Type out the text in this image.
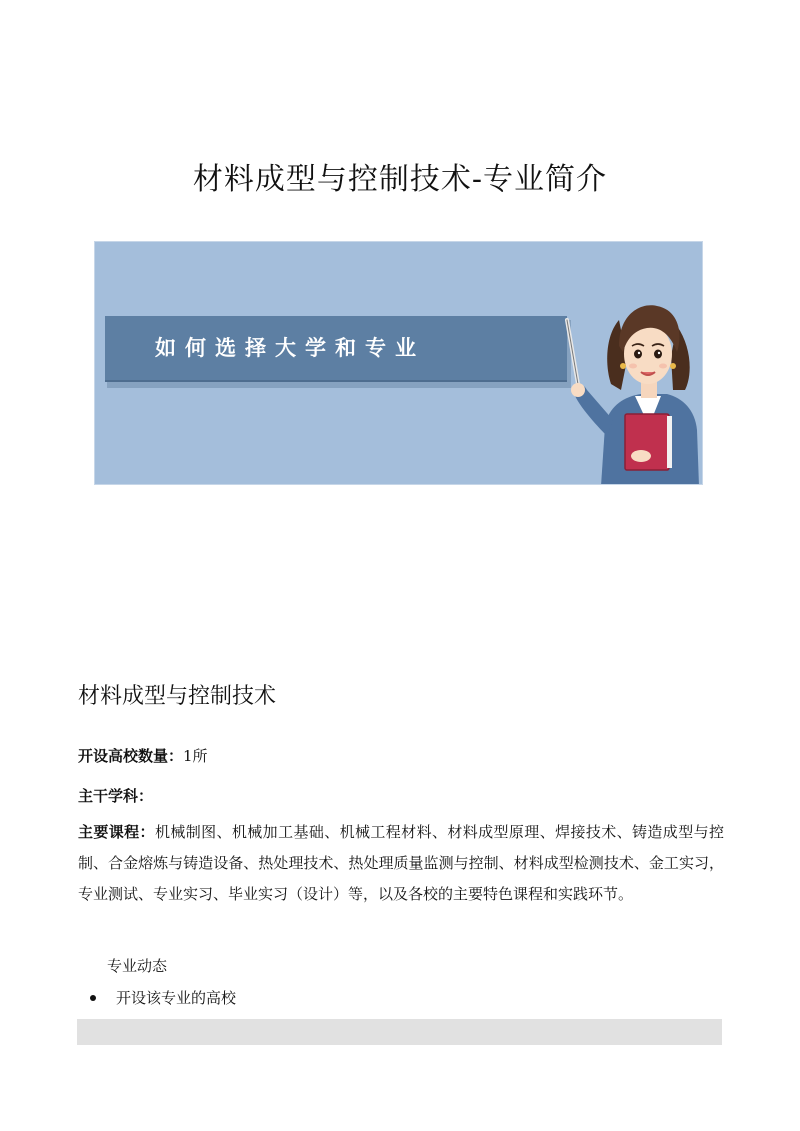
材料成型与控制技术-专业简介
如何选择大学和专业
材料成型与控制技术
开设高校数量：1所
主干学科：
主要课程：机械制图、机械加工基础、机械工程材料、材料成型原理、焊接技术、铸造成型与控制、合金熔炼与铸造设备、热处理技术、热处理质量监测与控制、材料成型检测技术、金工实习，专业测试、专业实习、毕业实习（设计）等，以及各校的主要特色课程和实践环节。
专业动态
开设该专业的高校
